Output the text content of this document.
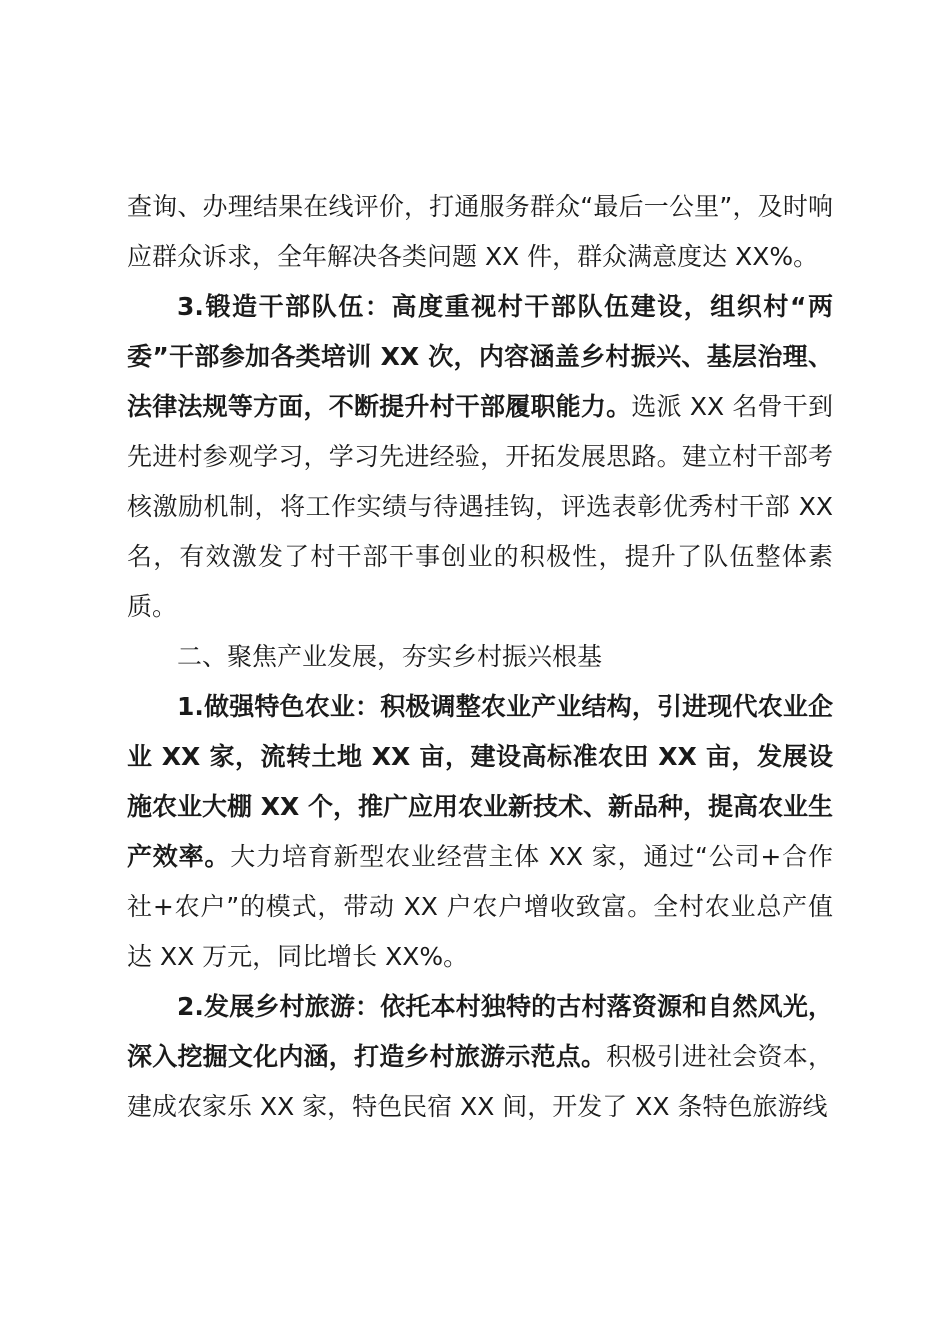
查询、办理结果在线评价，打通服务群众“最后一公里”，及时响应群众诉求，全年解决各类问题 XX 件，群众满意度达 XX%。

3.锻造干部队伍：高度重视村干部队伍建设，组织村“两委”干部参加各类培训 XX 次，内容涵盖乡村振兴、基层治理、法律法规等方面，不断提升村干部履职能力。选派 XX 名骨干到先进村参观学习，学习先进经验，开拓发展思路。建立村干部考核激励机制，将工作实绩与待遇挂钩，评选表彰优秀村干部 XX 名，有效激发了村干部干事创业的积极性，提升了队伍整体素质。

二、聚焦产业发展，夯实乡村振兴根基

1.做强特色农业：积极调整农业产业结构，引进现代农业企业 XX 家，流转土地 XX 亩，建设高标准农田 XX 亩，发展设施农业大棚 XX 个，推广应用农业新技术、新品种，提高农业生产效率。大力培育新型农业经营主体 XX 家，通过“公司+合作社+农户”的模式，带动 XX 户农户增收致富。全村农业总产值达 XX 万元，同比增长 XX%。

2.发展乡村旅游：依托本村独特的古村落资源和自然风光，深入挖掘文化内涵，打造乡村旅游示范点。积极引进社会资本，建成农家乐 XX 家，特色民宿 XX 间，开发了 XX 条特色旅游线
